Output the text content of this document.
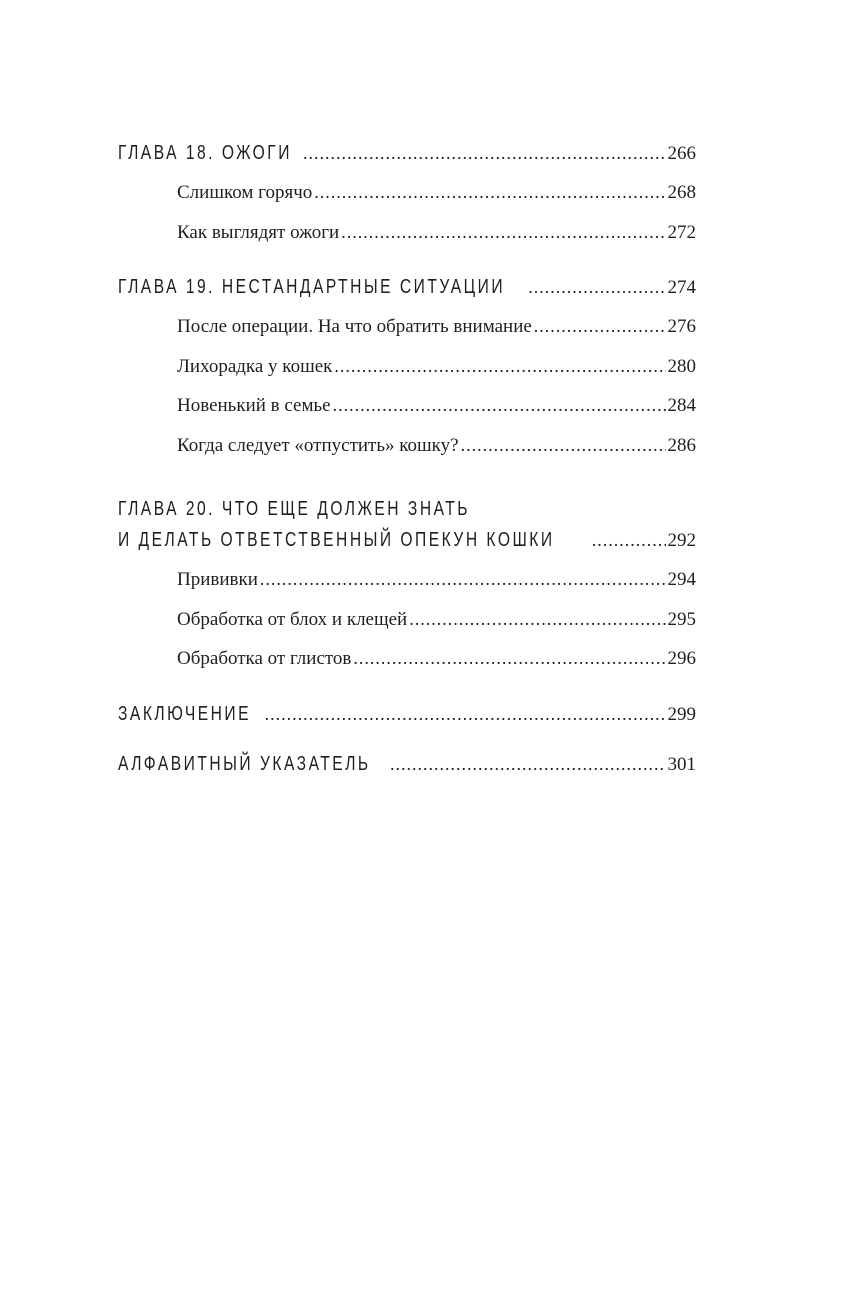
ГЛАВА 18. ОЖОГИ .....	266
Слишком горячо .....	268
Как выглядят ожоги .....	272
ГЛАВА 19. НЕСТАНДАРТНЫЕ СИТУАЦИИ .....	274
После операции. На что обратить внимание .....	276
Лихорадка у кошек .....	280
Новенький в семье .....	284
Когда следует «отпустить» кошку? .....	286
ГЛАВА 20. ЧТО ЕЩЕ ДОЛЖЕН ЗНАТЬ
И ДЕЛАТЬ ОТВЕТСТВЕННЫЙ ОПЕКУН КОШКИ .....	292
Прививки .....	294
Обработка от блох и клещей .....	295
Обработка от глистов .....	296
ЗАКЛЮЧЕНИЕ .....	299
АЛФАВИТНЫЙ УКАЗАТЕЛЬ .....	301
